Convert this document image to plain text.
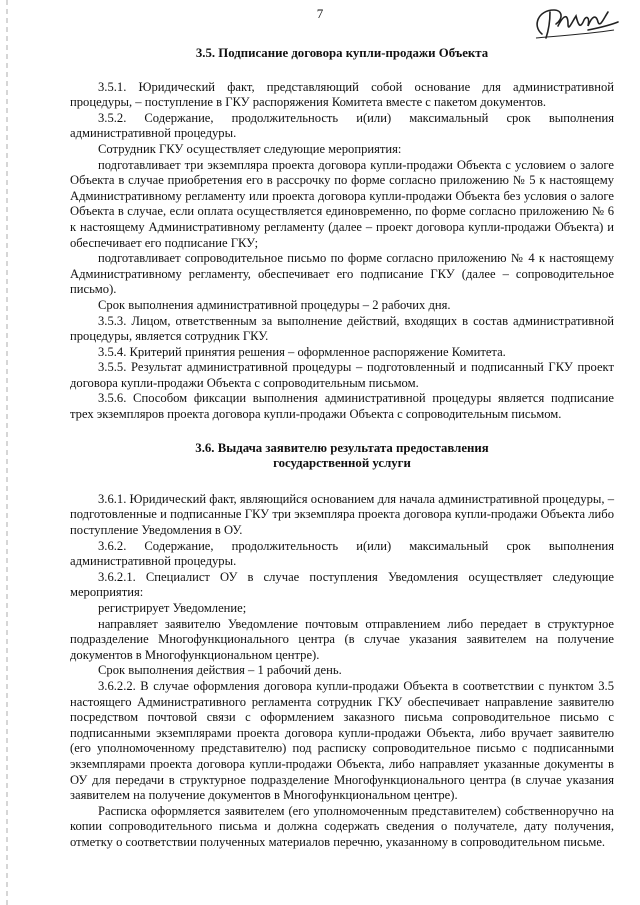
7
3.5. Подписание договора купли-продажи Объекта

3.5.1. Юридический факт, представляющий собой основание для административной процедуры, – поступление в ГКУ распоряжения Комитета вместе с пакетом документов.

3.5.2. Содержание, продолжительность и(или) максимальный срок выполнения административной процедуры.

Сотрудник ГКУ осуществляет следующие мероприятия:

подготавливает три экземпляра проекта договора купли-продажи Объекта с условием о залоге Объекта в случае приобретения его в рассрочку по форме согласно приложению № 5 к настоящему Административному регламенту или проекта договора купли-продажи Объекта без условия о залоге Объекта в случае, если оплата осуществляется единовременно, по форме согласно приложению № 6 к настоящему Административному регламенту (далее – проект договора купли-продажи Объекта) и обеспечивает его подписание ГКУ;

подготавливает сопроводительное письмо по форме согласно приложению № 4 к настоящему Административному регламенту, обеспечивает его подписание ГКУ (далее – сопроводительное письмо).

Срок выполнения административной процедуры – 2 рабочих дня.

3.5.3. Лицом, ответственным за выполнение действий, входящих в состав административной процедуры, является сотрудник ГКУ.

3.5.4. Критерий принятия решения – оформленное распоряжение Комитета.

3.5.5. Результат административной процедуры – подготовленный и подписанный ГКУ проект договора купли-продажи Объекта с сопроводительным письмом.

3.5.6. Способом фиксации выполнения административной процедуры является подписание трех экземпляров проекта договора купли-продажи Объекта с сопроводительным письмом.

3.6. Выдача заявителю результата предоставления
государственной услуги

3.6.1. Юридический факт, являющийся основанием для начала административной процедуры, – подготовленные и подписанные ГКУ три экземпляра проекта договора купли-продажи Объекта либо поступление Уведомления в ОУ.

3.6.2. Содержание, продолжительность и(или) максимальный срок выполнения административной процедуры.

3.6.2.1. Специалист ОУ в случае поступления Уведомления осуществляет следующие мероприятия:

регистрирует Уведомление;

направляет заявителю Уведомление почтовым отправлением либо передает в структурное подразделение Многофункционального центра (в случае указания заявителем на получение документов в Многофункциональном центре).

Срок выполнения действия – 1 рабочий день.

3.6.2.2. В случае оформления договора купли-продажи Объекта в соответствии с пунктом 3.5 настоящего Административного регламента сотрудник ГКУ обеспечивает направление заявителю посредством почтовой связи с оформлением заказного письма сопроводительное письмо с подписанными экземплярами проекта договора купли-продажи Объекта, либо вручает заявителю (его уполномоченному представителю) под расписку сопроводительное письмо с подписанными экземплярами проекта договора купли-продажи Объекта, либо направляет указанные документы в ОУ для передачи в структурное подразделение Многофункционального центра (в случае указания заявителем на получение документов в Многофункциональном центре).

Расписка оформляется заявителем (его уполномоченным представителем) собственноручно на копии сопроводительного письма и должна содержать сведения о получателе, дату получения, отметку о соответствии полученных материалов перечню, указанному в сопроводительном письме.
